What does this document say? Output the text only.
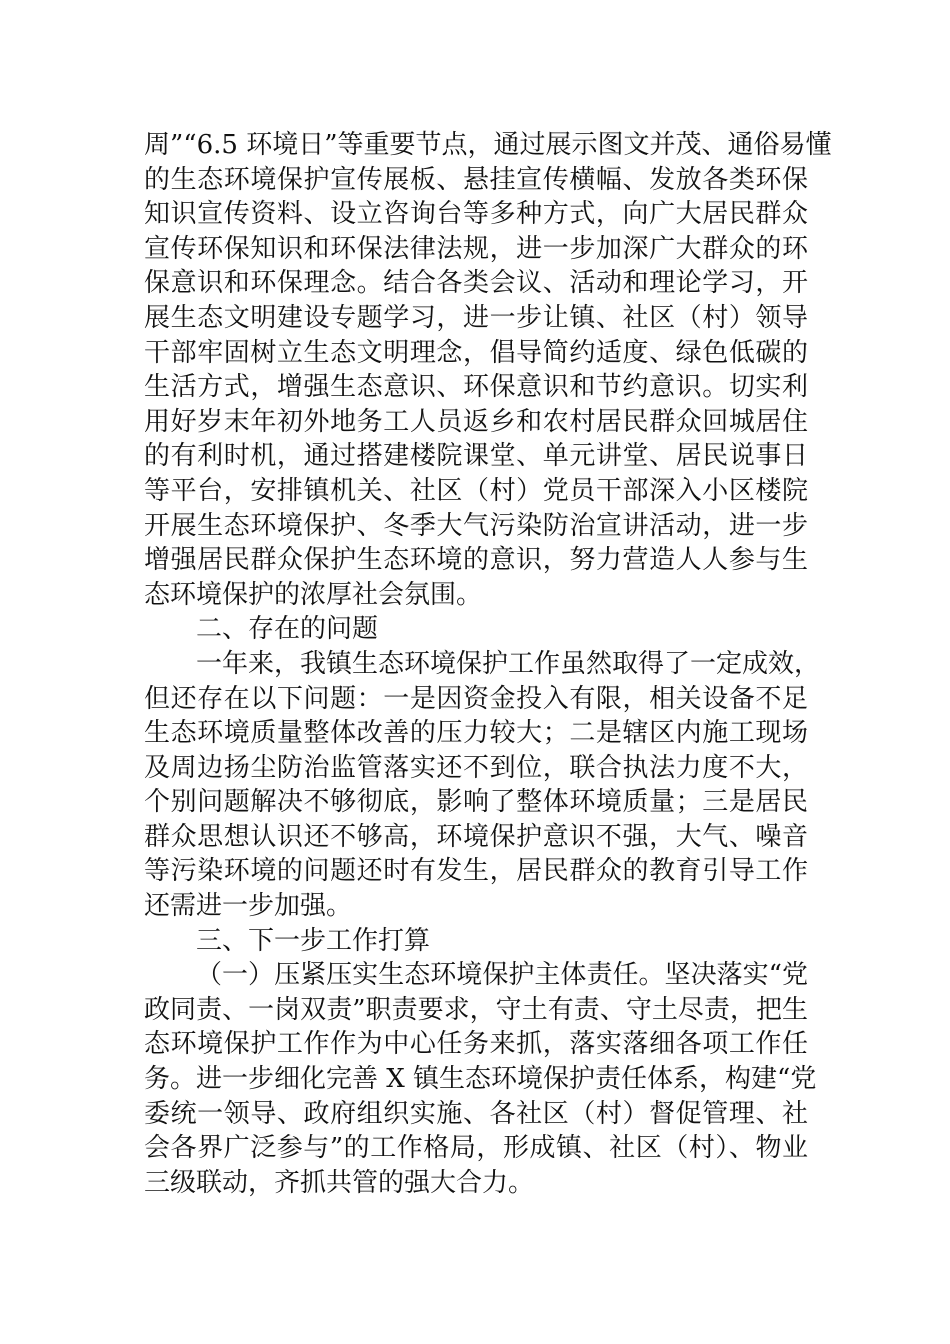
周”“6.5 环境日”等重要节点，通过展示图文并茂、通俗易懂
的生态环境保护宣传展板、悬挂宣传横幅、发放各类环保
知识宣传资料、设立咨询台等多种方式，向广大居民群众
宣传环保知识和环保法律法规，进一步加深广大群众的环
保意识和环保理念。结合各类会议、活动和理论学习，开
展生态文明建设专题学习，进一步让镇、社区（村）领导
干部牢固树立生态文明理念，倡导简约适度、绿色低碳的
生活方式，增强生态意识、环保意识和节约意识。切实利
用好岁末年初外地务工人员返乡和农村居民群众回城居住
的有利时机，通过搭建楼院课堂、单元讲堂、居民说事日
等平台，安排镇机关、社区（村）党员干部深入小区楼院
开展生态环境保护、冬季大气污染防治宣讲活动，进一步
增强居民群众保护生态环境的意识，努力营造人人参与生
态环境保护的浓厚社会氛围。
二、存在的问题
一年来，我镇生态环境保护工作虽然取得了一定成效，
但还存在以下问题：一是因资金投入有限，相关设备不足
生态环境质量整体改善的压力较大；二是辖区内施工现场
及周边扬尘防治监管落实还不到位，联合执法力度不大，
个别问题解决不够彻底，影响了整体环境质量；三是居民
群众思想认识还不够高，环境保护意识不强，大气、噪音
等污染环境的问题还时有发生，居民群众的教育引导工作
还需进一步加强。
三、下一步工作打算
（一）压紧压实生态环境保护主体责任。坚决落实“党
政同责、一岗双责”职责要求，守土有责、守土尽责，把生
态环境保护工作作为中心任务来抓，落实落细各项工作任
务。进一步细化完善 X 镇生态环境保护责任体系，构建“党
委统一领导、政府组织实施、各社区（村）督促管理、社
会各界广泛参与”的工作格局，形成镇、社区（村）、物业
三级联动，齐抓共管的强大合力。
